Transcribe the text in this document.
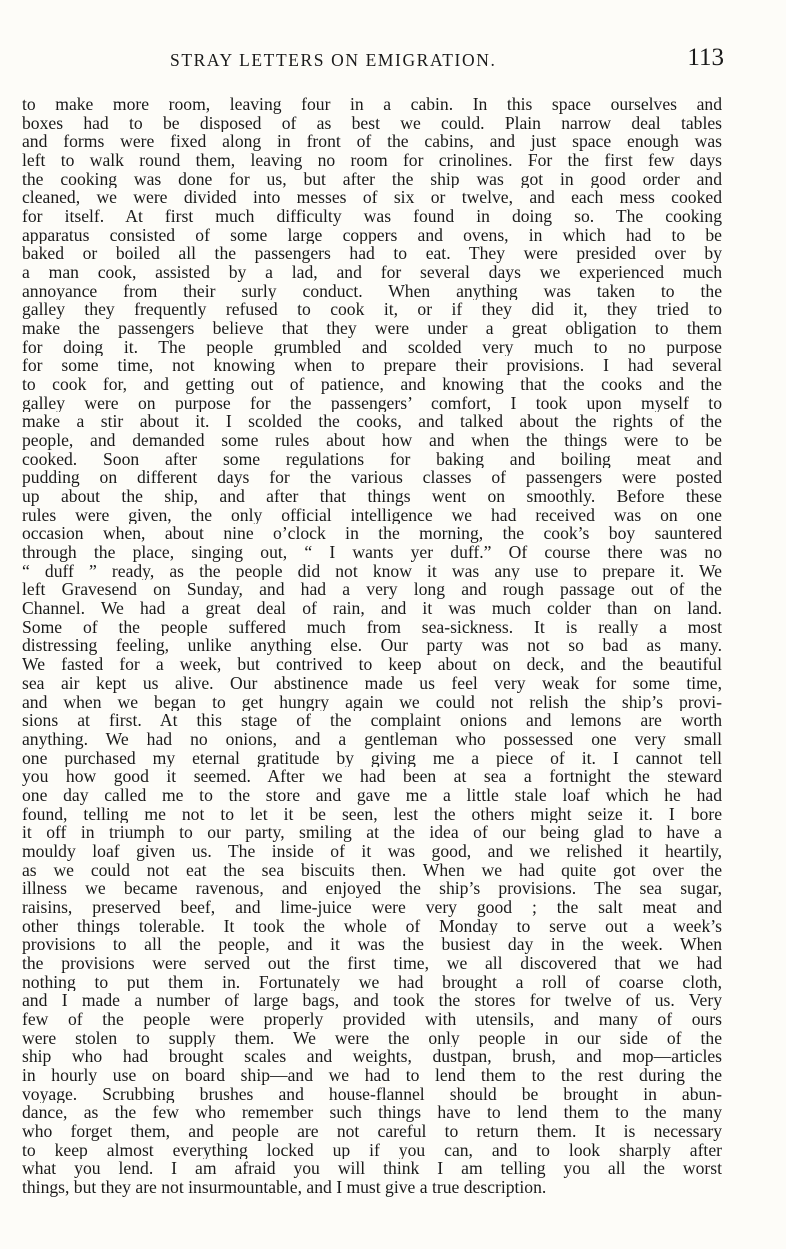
STRAY LETTERS ON EMIGRATION.	113
to make more room, leaving four in a cabin. In this space ourselves and
boxes had to be disposed of as best we could. Plain narrow deal tables
and forms were fixed along in front of the cabins, and just space enough was
left to walk round them, leaving no room for crinolines. For the first few days
the cooking was done for us, but after the ship was got in good order and
cleaned, we were divided into messes of six or twelve, and each mess cooked
for itself. At first much difficulty was found in doing so. The cooking
apparatus consisted of some large coppers and ovens, in which had to be
baked or boiled all the passengers had to eat. They were presided over by
a man cook, assisted by a lad, and for several days we experienced much
annoyance from their surly conduct. When anything was taken to the
galley they frequently refused to cook it, or if they did it, they tried to
make the passengers believe that they were under a great obligation to them
for doing it. The people grumbled and scolded very much to no purpose
for some time, not knowing when to prepare their provisions. I had several
to cook for, and getting out of patience, and knowing that the cooks and the
galley were on purpose for the passengers’ comfort, I took upon myself to
make a stir about it. I scolded the cooks, and talked about the rights of the
people, and demanded some rules about how and when the things were to be
cooked. Soon after some regulations for baking and boiling meat and
pudding on different days for the various classes of passengers were posted
up about the ship, and after that things went on smoothly. Before these
rules were given, the only official intelligence we had received was on one
occasion when, about nine o’clock in the morning, the cook’s boy sauntered
through the place, singing out, “ I wants yer duff.” Of course there was no
“ duff ” ready, as the people did not know it was any use to prepare it. We
left Gravesend on Sunday, and had a very long and rough passage out of the
Channel. We had a great deal of rain, and it was much colder than on land.
Some of the people suffered much from sea-sickness. It is really a most
distressing feeling, unlike anything else. Our party was not so bad as many.
We fasted for a week, but contrived to keep about on deck, and the beautiful
sea air kept us alive. Our abstinence made us feel very weak for some time,
and when we began to get hungry again we could not relish the ship’s provi-
sions at first. At this stage of the complaint onions and lemons are worth
anything. We had no onions, and a gentleman who possessed one very small
one purchased my eternal gratitude by giving me a piece of it. I cannot tell
you how good it seemed. After we had been at sea a fortnight the steward
one day called me to the store and gave me a little stale loaf which he had
found, telling me not to let it be seen, lest the others might seize it. I bore
it off in triumph to our party, smiling at the idea of our being glad to have a
mouldy loaf given us. The inside of it was good, and we relished it heartily,
as we could not eat the sea biscuits then. When we had quite got over the
illness we became ravenous, and enjoyed the ship’s provisions. The sea sugar,
raisins, preserved beef, and lime-juice were very good ; the salt meat and
other things tolerable. It took the whole of Monday to serve out a week’s
provisions to all the people, and it was the busiest day in the week. When
the provisions were served out the first time, we all discovered that we had
nothing to put them in. Fortunately we had brought a roll of coarse cloth,
and I made a number of large bags, and took the stores for twelve of us. Very
few of the people were properly provided with utensils, and many of ours
were stolen to supply them. We were the only people in our side of the
ship who had brought scales and weights, dustpan, brush, and mop—articles
in hourly use on board ship—and we had to lend them to the rest during the
voyage. Scrubbing brushes and house-flannel should be brought in abun-
dance, as the few who remember such things have to lend them to the many
who forget them, and people are not careful to return them. It is necessary
to keep almost everything locked up if you can, and to look sharply after
what you lend. I am afraid you will think I am telling you all the worst
things, but they are not insurmountable, and I must give a true description.
